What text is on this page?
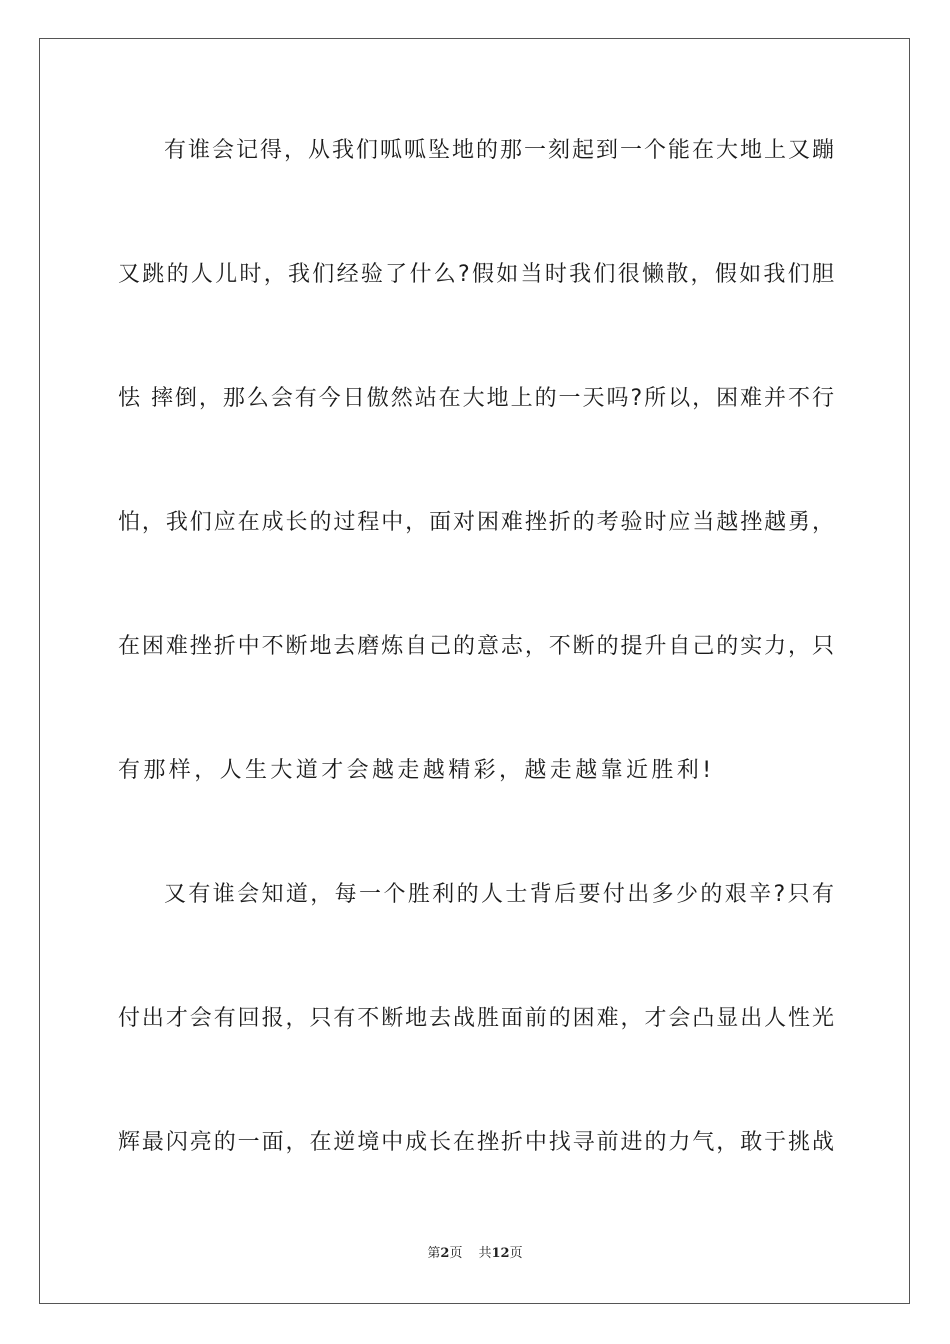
有谁会记得，从我们呱呱坠地的那一刻起到一个能在大地上又蹦
又跳的人儿时，我们经验了什么?假如当时我们很懒散，假如我们胆
怯 摔倒，那么会有今日傲然站在大地上的一天吗?所以，困难并不行
怕，我们应在成长的过程中，面对困难挫折的考验时应当越挫越勇，
在困难挫折中不断地去磨炼自己的意志，不断的提升自己的实力，只
有那样，人生大道才会越走越精彩，越走越靠近胜利!
又有谁会知道，每一个胜利的人士背后要付出多少的艰辛?只有
付出才会有回报，只有不断地去战胜面前的困难，才会凸显出人性光
辉最闪亮的一面，在逆境中成长在挫折中找寻前进的力气，敢于挑战
第2页 共12页
